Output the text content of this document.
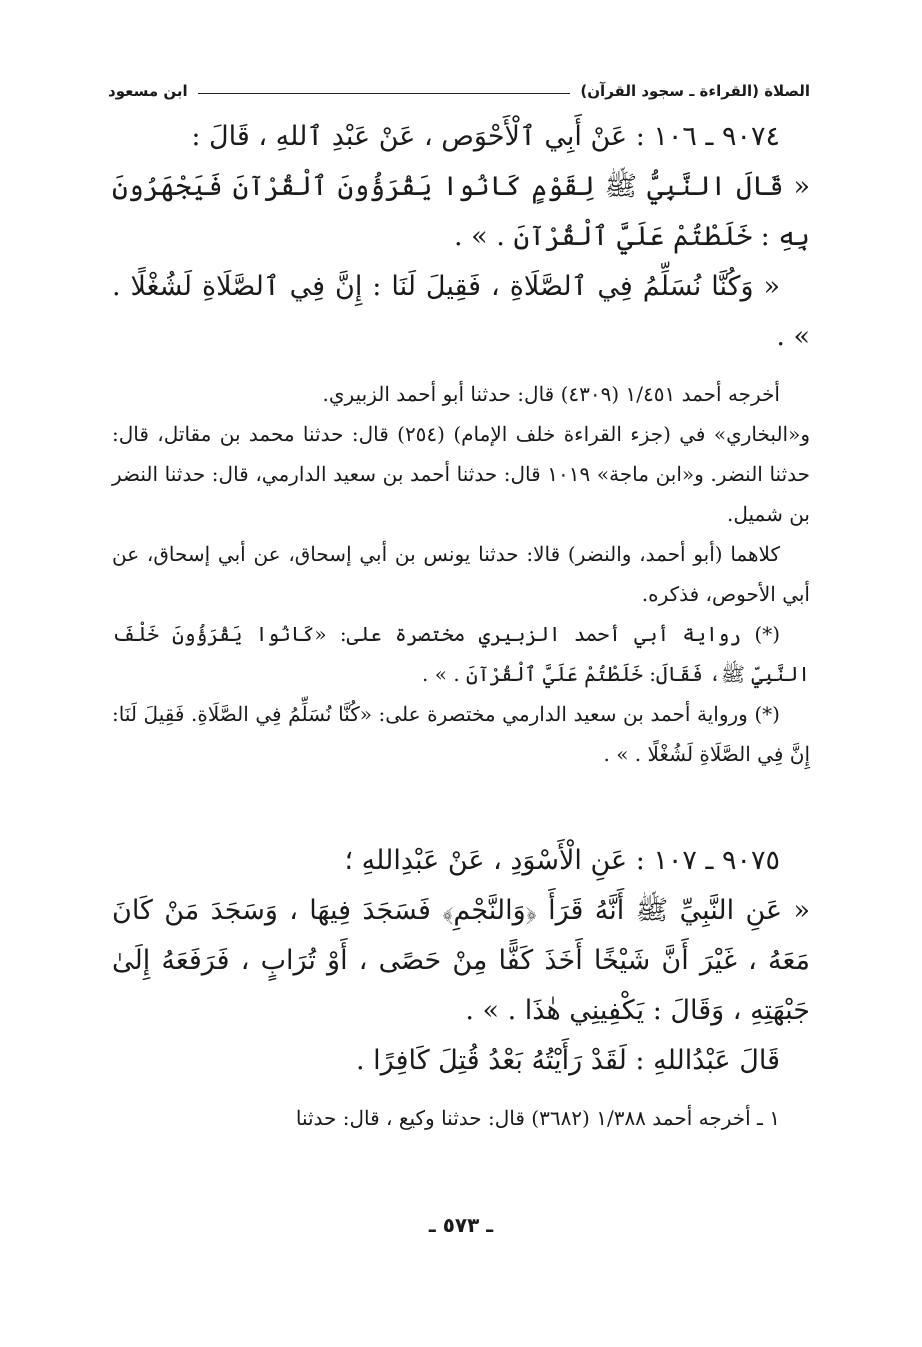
الصلاة (القراءة ـ سجود القرآن)
ابن مسعود

٩٠٧٤ ـ ١٠٦ : عَنْ أَبِي ٱلْأَحْوَص ، عَنْ عَبْدِ ٱللهِ ، قَالَ :

« قَالَ النَّبِيُّ ﷺ لِقَوْمٍ كَانُوا يَقْرَؤُونَ ٱلْقُرْآنَ فَيَجْهَرُونَ بِهِ : خَلَطْتُمْ عَلَيَّ ٱلْقُرْآنَ . » .

« وَكُنَّا نُسَلِّمُ فِي ٱلصَّلَاةِ ، فَقِيلَ لَنَا : إِنَّ فِي ٱلصَّلَاةِ لَشُغْلًا . » .

أخرجه أحمد ١/٤٥١ (٤٣٠٩) قال: حدثنا أبو أحمد الزبيري.

و«البخاري» في (جزء القراءة خلف الإمام) (٢٥٤) قال: حدثنا محمد بن مقاتل، قال: حدثنا النضر. و«ابن ماجة» ١٠١٩ قال: حدثنا أحمد بن سعيد الدارمي، قال: حدثنا النضر بن شميل.

كلاهما (أبو أحمد، والنضر) قالا: حدثنا يونس بن أبي إسحاق، عن أبي إسحاق، عن أبي الأحوص، فذكره.

(*) رواية أبي أحمد الزبيري مختصرة على: «كَانُوا يَقْرَؤُونَ خَلْفَ النَّبِيِّ ﷺ، فَقَالَ: خَلَطْتُمْ عَلَيَّ ٱلْقُرْآنَ . » .

(*) ورواية أحمد بن سعيد الدارمي مختصرة على: «كُنَّا نُسَلِّمُ فِي الصَّلَاةِ. فَقِيلَ لَنَا: إِنَّ فِي الصَّلَاةِ لَشُغْلًا . » .

٩٠٧٥ ـ ١٠٧ : عَنِ الْأَسْوَدِ ، عَنْ عَبْدِاللهِ ؛

« عَنِ النَّبِيِّ ﷺ أَنَّهُ قَرَأَ ﴿وَالنَّجْمِ﴾ فَسَجَدَ فِيهَا ، وَسَجَدَ مَنْ كَانَ مَعَهُ ، غَيْرَ أَنَّ شَيْخًا أَخَذَ كَفًّا مِنْ حَصًى ، أَوْ تُرَابٍ ، فَرَفَعَهُ إِلَىٰ جَبْهَتِهِ ، وَقَالَ : يَكْفِينِي هٰذَا . » .

قَالَ عَبْدُاللهِ : لَقَدْ رَأَيْتُهُ بَعْدُ قُتِلَ كَافِرًا .

١ ـ أخرجه أحمد ١/٣٨٨ (٣٦٨٢) قال: حدثنا وكيع ، قال: حدثنا

ـ ٥٧٣ ـ
